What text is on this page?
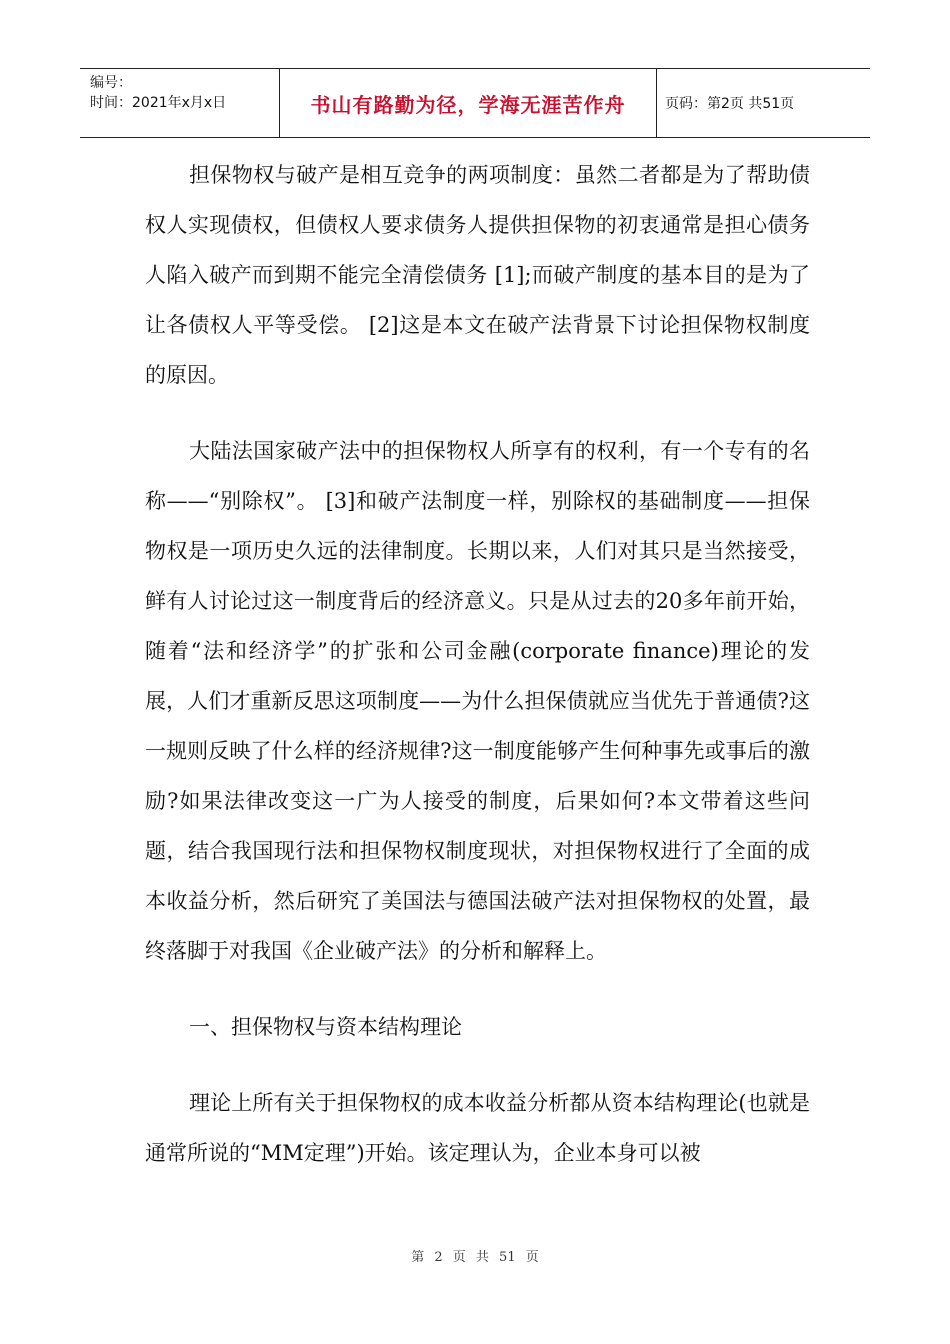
编号：
时间：2021年x月x日	书山有路勤为径，学海无涯苦作舟	页码：第2页 共51页

担保物权与破产是相互竞争的两项制度：虽然二者都是为了帮助债权人实现债权，但债权人要求债务人提供担保物的初衷通常是担心债务人陷入破产而到期不能完全清偿债务 [1];而破产制度的基本目的是为了让各债权人平等受偿。 [2]这是本文在破产法背景下讨论担保物权制度的原因。

大陆法国家破产法中的担保物权人所享有的权利，有一个专有的名称——“别除权”。 [3]和破产法制度一样，别除权的基础制度——担保物权是一项历史久远的法律制度。长期以来，人们对其只是当然接受，鲜有人讨论过这一制度背后的经济意义。只是从过去的20多年前开始，随着“法和经济学”的扩张和公司金融(corporate finance)理论的发展，人们才重新反思这项制度——为什么担保债就应当优先于普通债?这一规则反映了什么样的经济规律?这一制度能够产生何种事先或事后的激励?如果法律改变这一广为人接受的制度，后果如何?本文带着这些问题，结合我国现行法和担保物权制度现状，对担保物权进行了全面的成本收益分析，然后研究了美国法与德国法破产法对担保物权的处置，最终落脚于对我国《企业破产法》的分析和解释上。

一、担保物权与资本结构理论

理论上所有关于担保物权的成本收益分析都从资本结构理论(也就是通常所说的“MM定理”)开始。该定理认为，企业本身可以被

第 2 页 共 51 页
